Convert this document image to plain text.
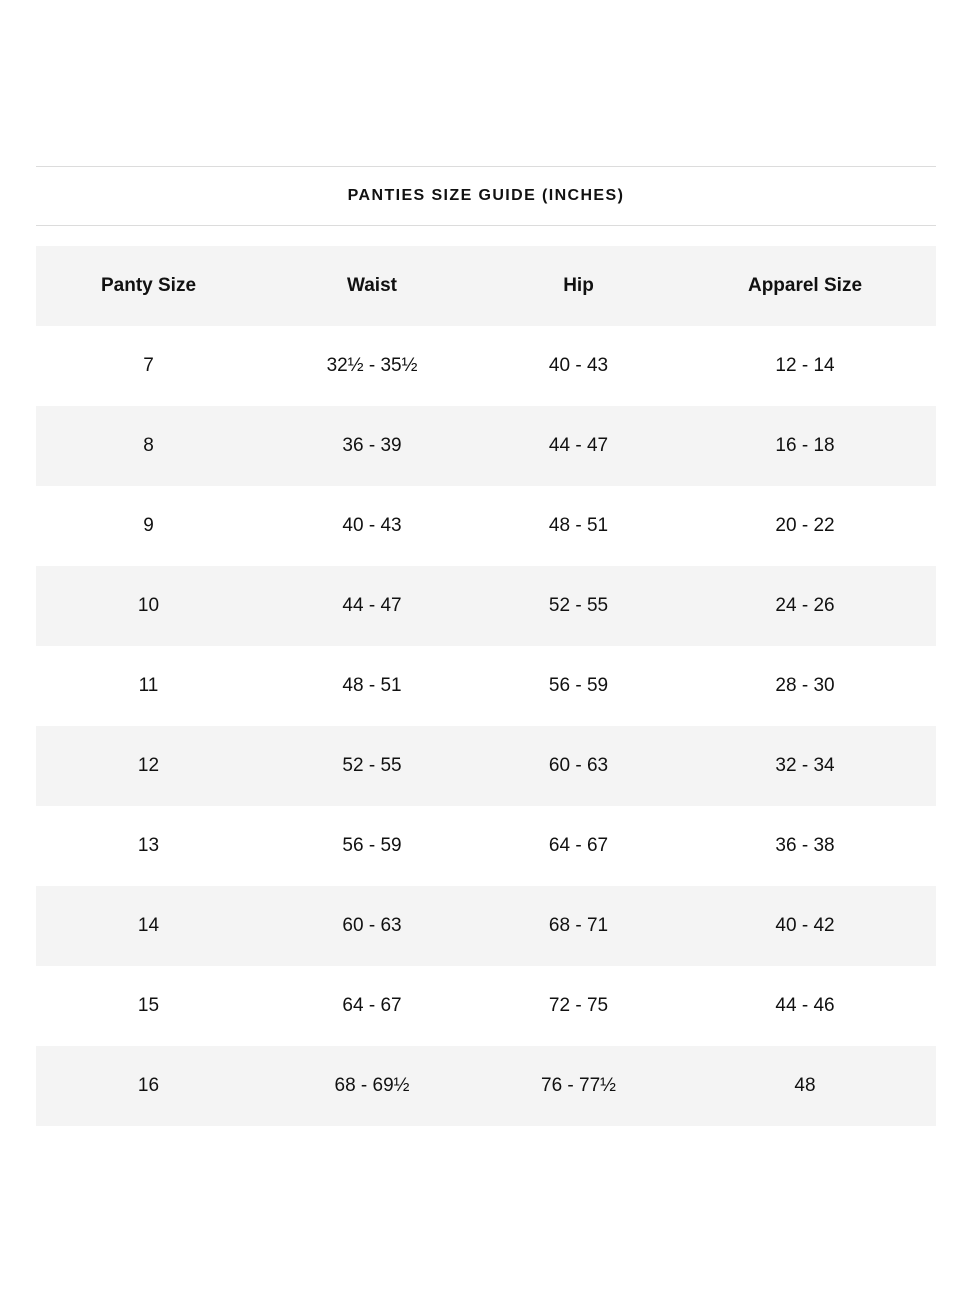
PANTIES SIZE GUIDE (INCHES)
Panty Size	Waist	Hip	Apparel Size
7	32½ - 35½	40 - 43	12 - 14
8	36 - 39	44 - 47	16 - 18
9	40 - 43	48 - 51	20 - 22
10	44 - 47	52 - 55	24 - 26
11	48 - 51	56 - 59	28 - 30
12	52 - 55	60 - 63	32 - 34
13	56 - 59	64 - 67	36 - 38
14	60 - 63	68 - 71	40 - 42
15	64 - 67	72 - 75	44 - 46
16	68 - 69½	76 - 77½	48
